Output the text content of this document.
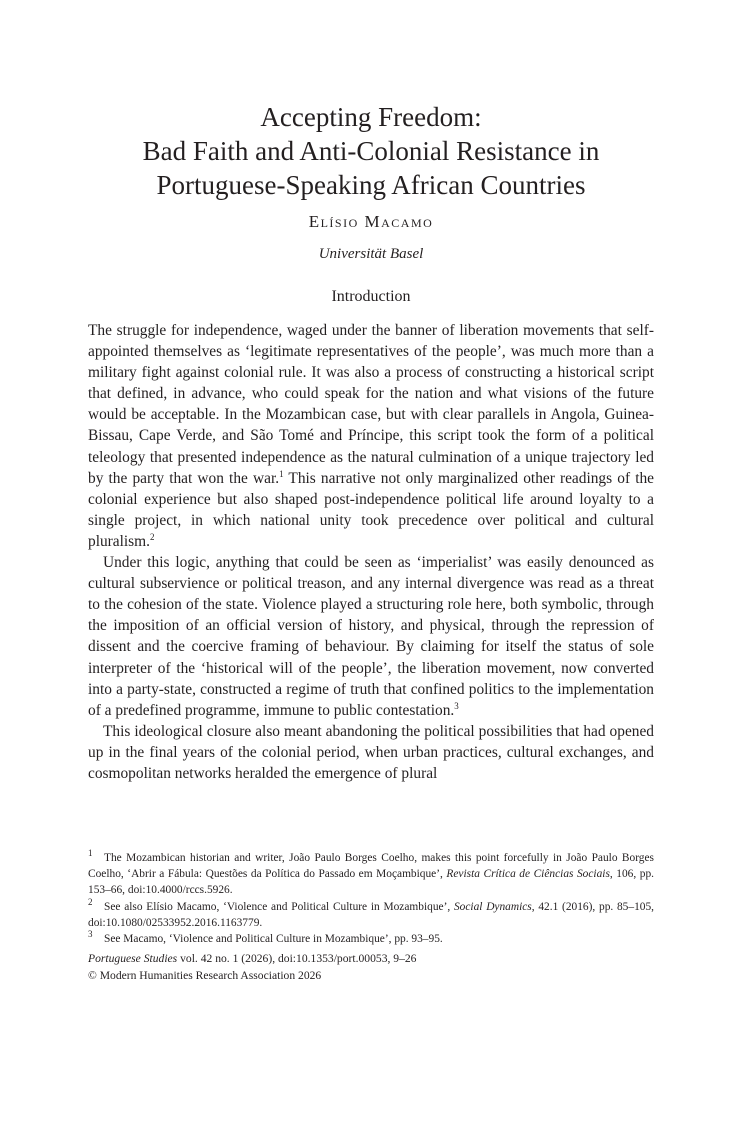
Accepting Freedom:
Bad Faith and Anti-Colonial Resistance in
Portuguese-Speaking African Countries
Elísio Macamo
Universität Basel
Introduction

The struggle for independence, waged under the banner of liberation movements that self-appointed themselves as ‘legitimate representatives of the people’, was much more than a military fight against colonial rule. It was also a process of constructing a historical script that defined, in advance, who could speak for the nation and what visions of the future would be acceptable. In the Mozambican case, but with clear parallels in Angola, Guinea-Bissau, Cape Verde, and São Tomé and Príncipe, this script took the form of a political teleology that presented independence as the natural culmination of a unique trajectory led by the party that won the war.$^1$ This narrative not only marginalized other readings of the colonial experience but also shaped post-independence political life around loyalty to a single project, in which national unity took precedence over political and cultural pluralism.$^2$

Under this logic, anything that could be seen as ‘imperialist’ was easily denounced as cultural subservience or political treason, and any internal divergence was read as a threat to the cohesion of the state. Violence played a structuring role here, both symbolic, through the imposition of an official version of history, and physical, through the repression of dissent and the coercive framing of behaviour. By claiming for itself the status of sole interpreter of the ‘historical will of the people’, the liberation movement, now converted into a party-state, constructed a regime of truth that confined politics to the implementation of a predefined programme, immune to public contestation.$^3$

This ideological closure also meant abandoning the political possibilities that had opened up in the final years of the colonial period, when urban practices, cultural exchanges, and cosmopolitan networks heralded the emergence of plural

1 The Mozambican historian and writer, João Paulo Borges Coelho, makes this point forcefully in João Paulo Borges Coelho, ‘Abrir a Fábula: Questões da Política do Passado em Moçambique’, Revista Crítica de Ciências Sociais, 106, pp. 153–66, doi:10.4000/rccs.5926.

2 See also Elísio Macamo, ‘Violence and Political Culture in Mozambique’, Social Dynamics, 42.1 (2016), pp. 85–105, doi:10.1080/02533952.2016.1163779.

3 See Macamo, ‘Violence and Political Culture in Mozambique’, pp. 93–95.

Portuguese Studies vol. 42 no. 1 (2026), doi:10.1353/port.00053, 9–26
© Modern Humanities Research Association 2026
